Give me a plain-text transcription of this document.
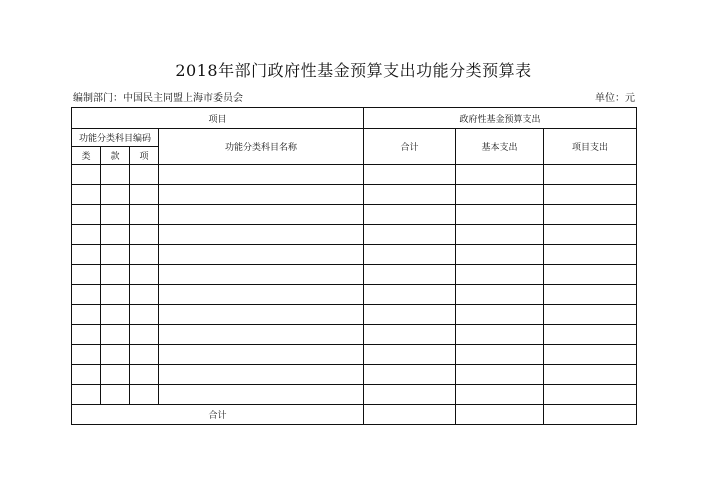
2018年部门政府性基金预算支出功能分类预算表
编制部门：中国民主同盟上海市委员会	单位：元
项目				政府性基金预算支出		
功能分类科目编码			功能分类科目名称	合计	基本支出	项目支出
类	款	项				

合计						
